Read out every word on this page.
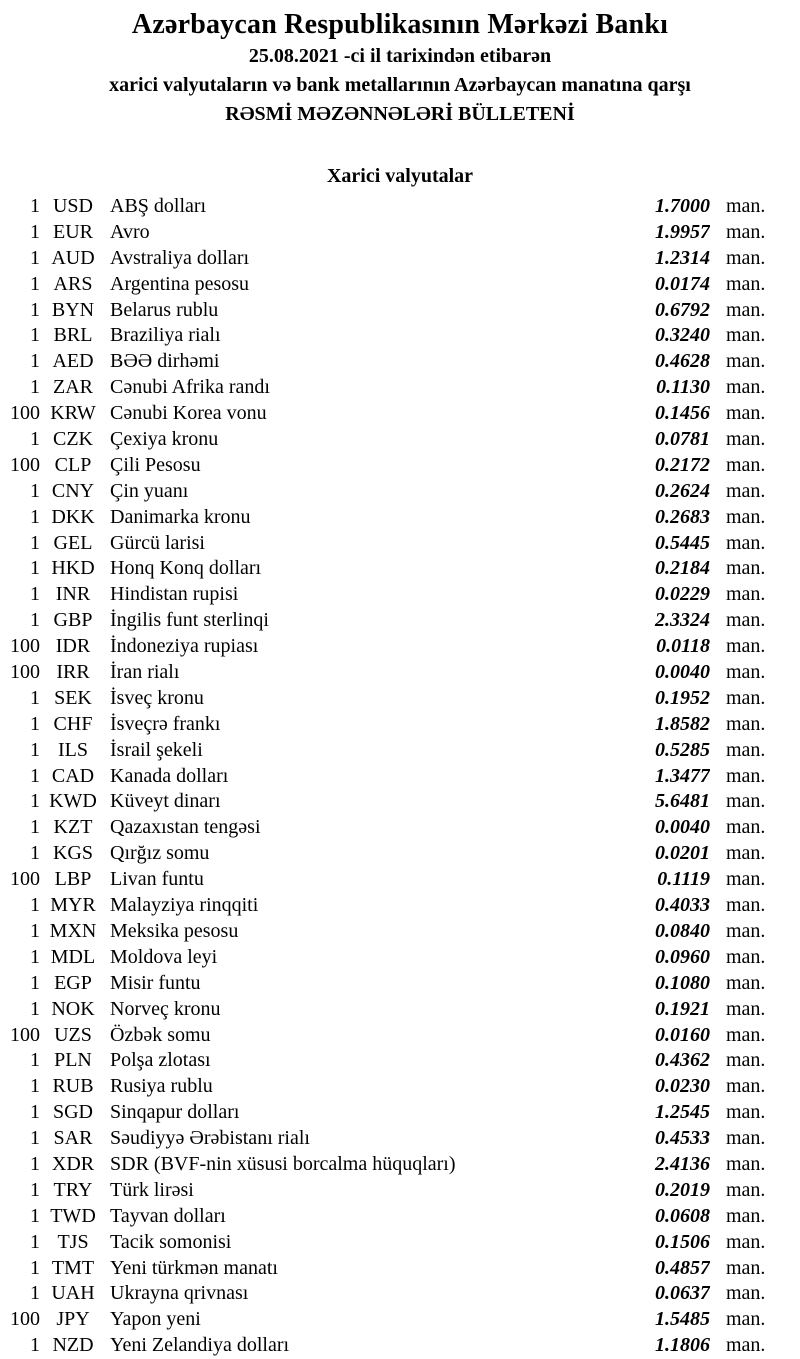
Azərbaycan Respublikasının Mərkəzi Bankı
25.08.2021 -ci il tarixindən etibarən
xarici valyutaların və bank metallarının Azərbaycan manatına qarşı
RƏSMİ MƏZƏNNƏLƏRİ BÜLLETENİ
Xarici valyutalar
1 USD ABŞ dolları	1.7000 man.
1 EUR Avro	1.9957 man.
1 AUD Avstraliya dolları	1.2314 man.
1 ARS Argentina pesosu	0.0174 man.
1 BYN Belarus rublu	0.6792 man.
1 BRL Braziliya rialı	0.3240 man.
1 AED BƏƏ dirhəmi	0.4628 man.
1 ZAR Cənubi Afrika randı	0.1130 man.
100 KRW Cənubi Korea vonu	0.1456 man.
1 CZK Çexiya kronu	0.0781 man.
100 CLP Çili Pesosu	0.2172 man.
1 CNY Çin yuanı	0.2624 man.
1 DKK Danimarka kronu	0.2683 man.
1 GEL Gürcü larisi	0.5445 man.
1 HKD Honq Konq dolları	0.2184 man.
1 INR Hindistan rupisi	0.0229 man.
1 GBP İngilis funt sterlinqi	2.3324 man.
100 IDR İndoneziya rupiası	0.0118 man.
100 IRR	İran rialı	0.0040 man.
1 SEK İsveç kronu	0.1952 man.
1 CHF İsveçrə frankı	1.8582 man.
1 ILS	İsrail şekeli	0.5285 man.
1 CAD Kanada dolları	1.3477 man.
1 KWD Küveyt dinarı	5.6481 man.
1 KZT Qazaxıstan tengəsi	0.0040 man.
1 KGS Qırğız somu	0.0201 man.
100 LBP Livan funtu	0.1119 man.
1 MYR Malayziya rinqqiti	0.4033 man.
1 MXN Meksika pesosu	0.0840 man.
1 MDL Moldova leyi	0.0960 man.
1 EGP Misir funtu	0.1080 man.
1 NOK Norveç kronu	0.1921 man.
100 UZS Özbək somu	0.0160 man.
1 PLN Polşa zlotası	0.4362 man.
1 RUB Rusiya rublu	0.0230 man.
1 SGD Sinqapur dolları	1.2545 man.
1 SAR Səudiyyə Ərəbistanı rialı	0.4533 man.
1 XDR SDR (BVF-nin xüsusi borcalma hüquqları)	2.4136 man.
1 TRY Türk lirəsi	0.2019 man.
1 TWD Tayvan dolları	0.0608 man.
1 TJS	Tacik somonisi	0.1506 man.
1 TMT Yeni türkmən manatı	0.4857 man.
1 UAH Ukrayna qrivnası	0.0637 man.
100 JPY	Yapon yeni	1.5485 man.
1 NZD Yeni Zelandiya dolları	1.1806 man.
